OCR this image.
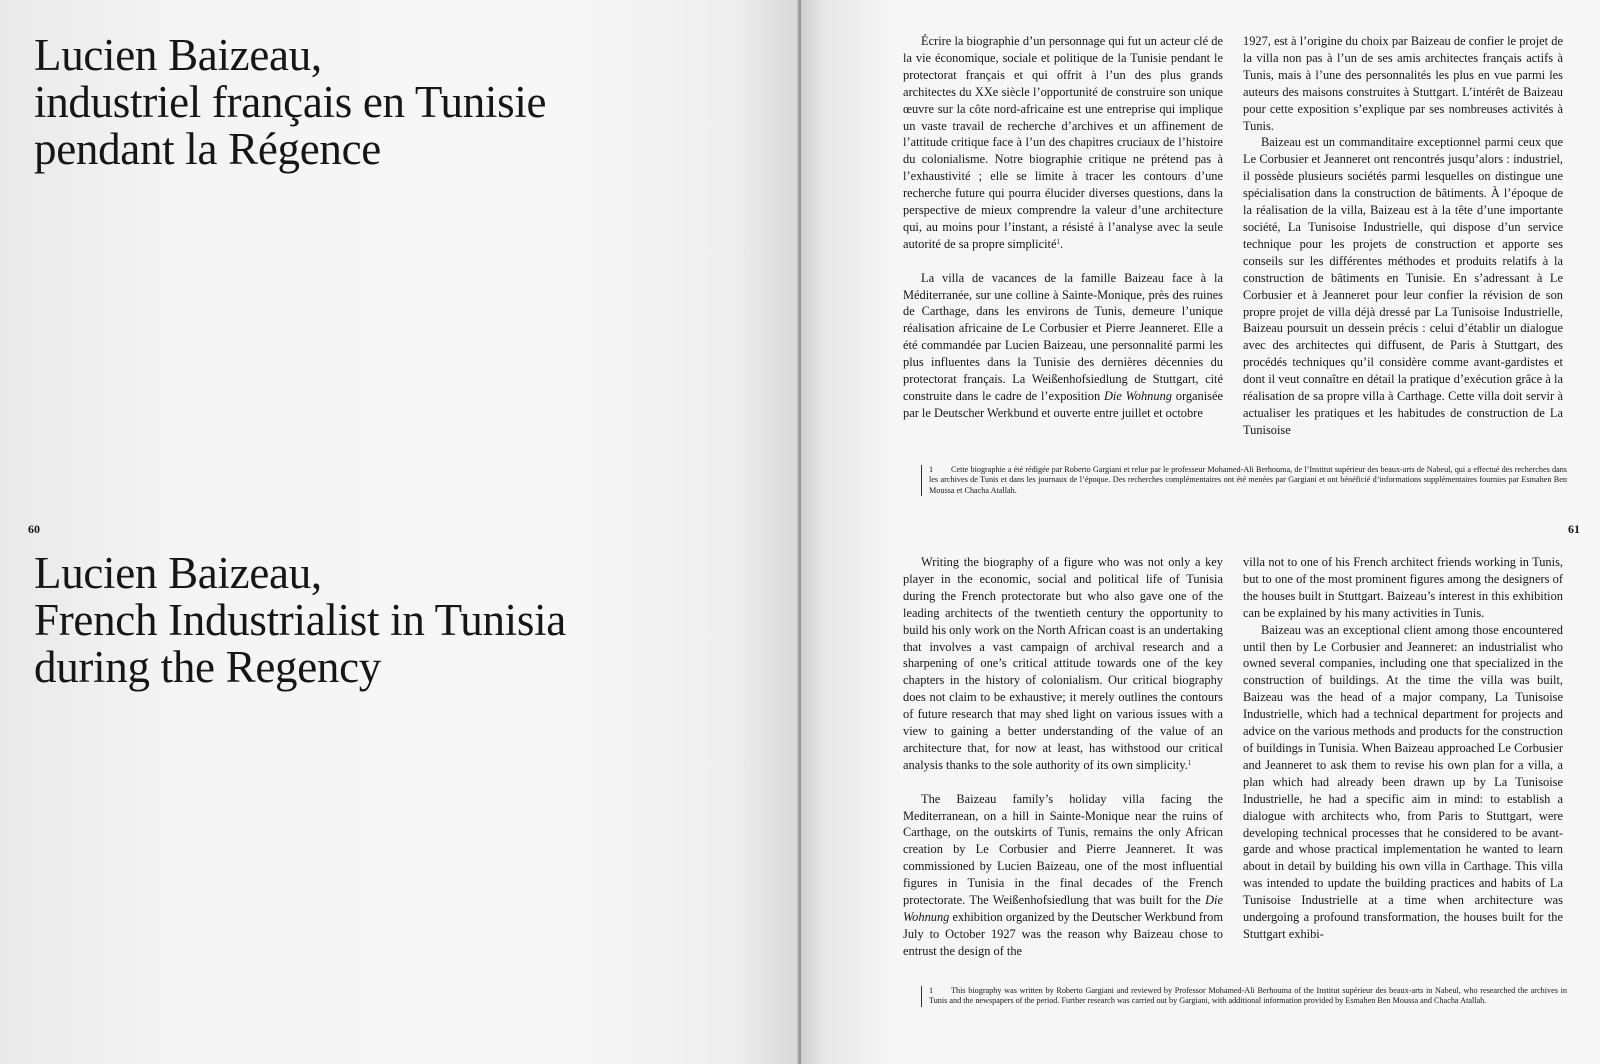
Lucien Baizeau,
industriel français en Tunisie
pendant la Régence
60
Lucien Baizeau,
French Industrialist in Tunisia
during the Regency

Écrire la biographie d’un personnage qui fut un acteur clé de la vie économique, sociale et politique de la Tunisie pendant le protectorat français et qui offrit à l’un des plus grands architectes du XXe siècle l’opportunité de construire son unique œuvre sur la côte nord-africaine est une entreprise qui implique un vaste travail de recherche d’archives et un affinement de l’attitude critique face à l’un des chapitres cruciaux de l’histoire du colonialisme. Notre biographie critique ne prétend pas à l’exhaustivité ; elle se limite à tracer les contours d’une recherche future qui pourra élucider diverses questions, dans la perspective de mieux comprendre la valeur d’une architecture qui, au moins pour l’instant, a résisté à l’analyse avec la seule autorité de sa propre simplicité$^1$.

La villa de vacances de la famille Baizeau face à la Méditerranée, sur une colline à Sainte-Monique, près des ruines de Carthage, dans les environs de Tunis, demeure l’unique réalisation africaine de Le Corbusier et Pierre Jeanneret. Elle a été commandée par Lucien Baizeau, une personnalité parmi les plus influentes dans la Tunisie des dernières décennies du protectorat français. La Weißenhofsiedlung de Stuttgart, cité construite dans le cadre de l’exposition Die Wohnung organisée par le Deutscher Werkbund et ouverte entre juillet et octobre

1927, est à l’origine du choix par Baizeau de confier le projet de la villa non pas à l’un de ses amis architectes français actifs à Tunis, mais à l’une des personnalités les plus en vue parmi les auteurs des maisons construites à Stuttgart. L’intérêt de Baizeau pour cette exposition s’explique par ses nombreuses activités à Tunis.

Baizeau est un commanditaire exceptionnel parmi ceux que Le Corbusier et Jeanneret ont rencontrés jusqu’alors : industriel, il possède plusieurs sociétés parmi lesquelles on distingue une spécialisation dans la construction de bâtiments. À l’époque de la réalisation de la villa, Baizeau est à la tête d’une importante société, La Tunisoise Industrielle, qui dispose d’un service technique pour les projets de construction et apporte ses conseils sur les différentes méthodes et produits relatifs à la construction de bâtiments en Tunisie. En s’adressant à Le Corbusier et à Jeanneret pour leur confier la révision de son propre projet de villa déjà dressé par La Tunisoise Industrielle, Baizeau poursuit un dessein précis : celui d’établir un dialogue avec des architectes qui diffusent, de Paris à Stuttgart, des procédés techniques qu’il considère comme avant-gardistes et dont il veut connaître en détail la pratique d’exécution grâce à la réalisation de sa propre villa à Carthage. Cette villa doit servir à actualiser les pratiques et les habitudes de construction de La Tunisoise

1 Cette biographie a été rédigée par Roberto Gargiani et relue par le professeur Mohamed-Ali Berhouma, de l’Institut supérieur des beaux-arts de Nabeul, qui a effectué des recherches dans les archives de Tunis et dans les journaux de l’époque. Des recherches complémentaires ont été menées par Gargiani et ont bénéficié d’informations supplémentaires fournies par Esmahen Ben Moussa et Chacha Atallah.
61

Writing the biography of a figure who was not only a key player in the economic, social and political life of Tunisia during the French protectorate but who also gave one of the leading architects of the twentieth century the opportunity to build his only work on the North African coast is an undertaking that involves a vast campaign of archival research and a sharpening of one’s critical attitude towards one of the key chapters in the history of colonialism. Our critical biography does not claim to be exhaustive; it merely outlines the contours of future research that may shed light on various issues with a view to gaining a better understanding of the value of an architecture that, for now at least, has withstood our critical analysis thanks to the sole authority of its own simplicity.$^1$

The Baizeau family’s holiday villa facing the Mediterranean, on a hill in Sainte-Monique near the ruins of Carthage, on the outskirts of Tunis, remains the only African creation by Le Corbusier and Pierre Jeanneret. It was commissioned by Lucien Baizeau, one of the most influential figures in Tunisia in the final decades of the French protectorate. The Weißenhofsiedlung that was built for the Die Wohnung exhibition organized by the Deutscher Werkbund from July to October 1927 was the reason why Baizeau chose to entrust the design of the

villa not to one of his French architect friends working in Tunis, but to one of the most prominent figures among the designers of the houses built in Stuttgart. Baizeau’s interest in this exhibition can be explained by his many activities in Tunis.

Baizeau was an exceptional client among those encountered until then by Le Corbusier and Jeanneret: an industrialist who owned several companies, including one that specialized in the construction of buildings. At the time the villa was built, Baizeau was the head of a major company, La Tunisoise Industrielle, which had a technical department for projects and advice on the various methods and products for the construction of buildings in Tunisia. When Baizeau approached Le Corbusier and Jeanneret to ask them to revise his own plan for a villa, a plan which had already been drawn up by La Tunisoise Industrielle, he had a specific aim in mind: to establish a dialogue with architects who, from Paris to Stuttgart, were developing technical processes that he considered to be avant-garde and whose practical implementation he wanted to learn about in detail by building his own villa in Carthage. This villa was intended to update the building practices and habits of La Tunisoise Industrielle at a time when architecture was undergoing a profound transformation, the houses built for the Stuttgart exhibi-

1 This biography was written by Roberto Gargiani and reviewed by Professor Mohamed-Ali Berhouma of the Institut supérieur des beaux-arts in Nabeul, who researched the archives in Tunis and the newspapers of the period. Further research was carried out by Gargiani, with additional information provided by Esmahen Ben Moussa and Chacha Atallah.
